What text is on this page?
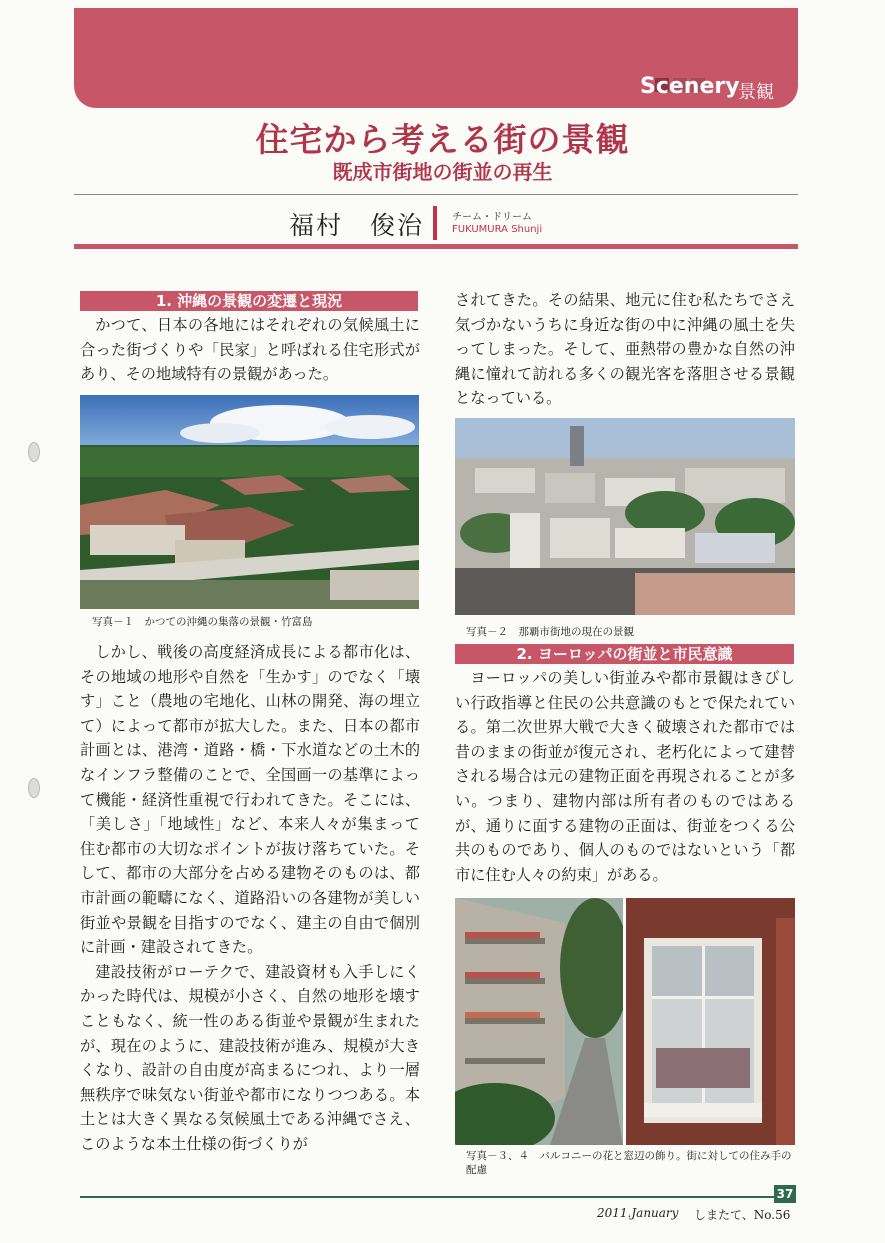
Scenery
景観
住宅から考える街の景観
既成市街地の街並の再生
福村　俊治	チーム・ドリーム
FUKUMURA Shunji
1. 沖縄の景観の変遷と現況

かつて、日本の各地にはそれぞれの気候風土に合った街づくりや「民家」と呼ばれる住宅形式があり、その地域特有の景観があった。

写真－１　かつての沖縄の集落の景観・竹富島

しかし、戦後の高度経済成長による都市化は、その地域の地形や自然を「生かす」のでなく「壊す」こと（農地の宅地化、山林の開発、海の埋立て）によって都市が拡大した。また、日本の都市計画とは、港湾・道路・橋・下水道などの土木的なインフラ整備のことで、全国画一の基準によって機能・経済性重視で行われてきた。そこには、「美しさ」「地域性」など、本来人々が集まって住む都市の大切なポイントが抜け落ちていた。そして、都市の大部分を占める建物そのものは、都市計画の範疇になく、道路沿いの各建物が美しい街並や景観を目指すのでなく、建主の自由で個別に計画・建設されてきた。

建設技術がローテクで、建設資材も入手しにくかった時代は、規模が小さく、自然の地形を壊すこともなく、統一性のある街並や景観が生まれたが、現在のように、建設技術が進み、規模が大きくなり、設計の自由度が高まるにつれ、より一層無秩序で味気ない街並や都市になりつつある。本土とは大きく異なる気候風土である沖縄でさえ、このような本土仕様の街づくりが

されてきた。その結果、地元に住む私たちでさえ気づかないうちに身近な街の中に沖縄の風土を失ってしまった。そして、亜熱帯の豊かな自然の沖縄に憧れて訪れる多くの観光客を落胆させる景観となっている。

写真－２　那覇市街地の現在の景観
2. ヨーロッパの街並と市民意識

ヨーロッパの美しい街並みや都市景観はきびしい行政指導と住民の公共意識のもとで保たれている。第二次世界大戦で大きく破壊された都市では昔のままの街並が復元され、老朽化によって建替される場合は元の建物正面を再現されることが多い。つまり、建物内部は所有者のものではあるが、通りに面する建物の正面は、街並をつくる公共のものであり、個人のものではないという「都市に住む人々の約束」がある。

写真－３、４　バルコニーの花と窓辺の飾り。街に対しての住み手の配慮
37
2011.January しまたて、No.56
